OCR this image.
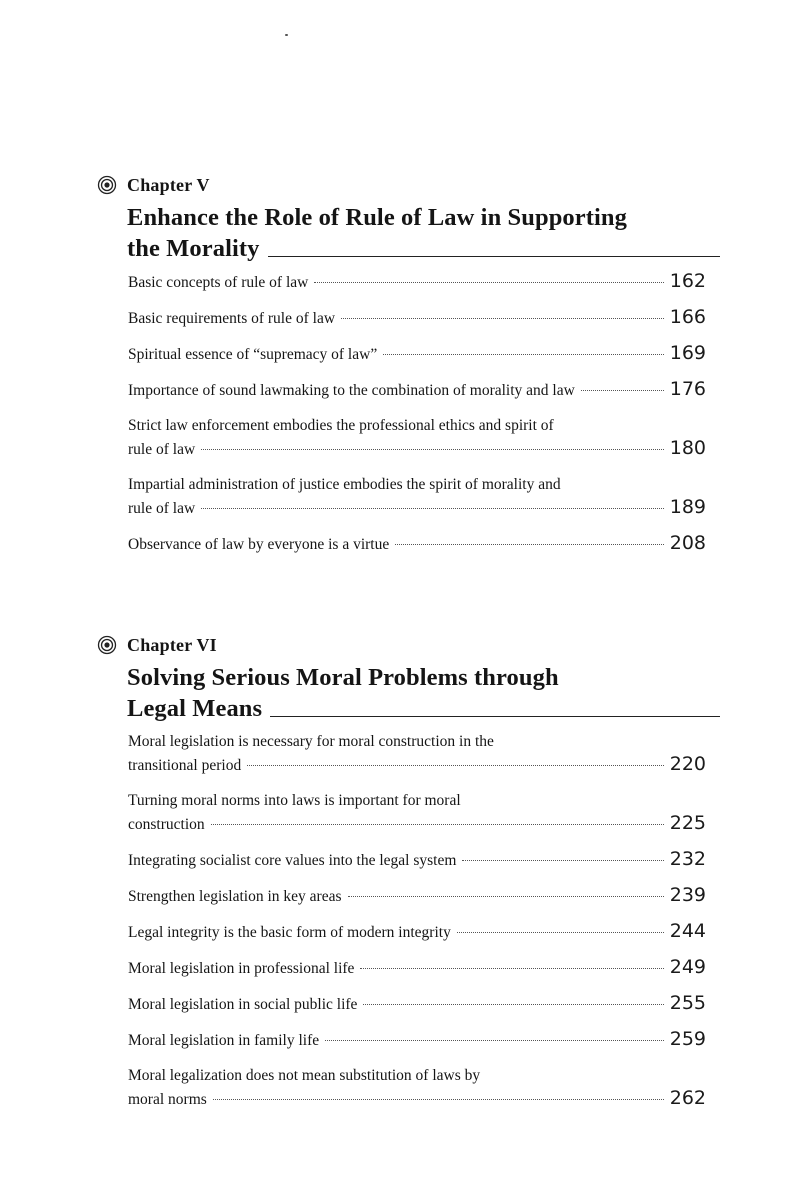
Chapter V
Enhance the Role of Rule of Law in Supporting
the Morality
Basic concepts of rule of law	162
Basic requirements of rule of law	166
Spiritual essence of “supremacy of law”	169
Importance of sound lawmaking to the combination of morality and law	176
Strict law enforcement embodies the professional ethics and spirit of
rule of law	180
Impartial administration of justice embodies the spirit of morality and
rule of law	189
Observance of law by everyone is a virtue	208
Chapter VI
Solving Serious Moral Problems through
Legal Means
Moral legislation is necessary for moral construction in the
transitional period	220
Turning moral norms into laws is important for moral
construction	225
Integrating socialist core values into the legal system	232
Strengthen legislation in key areas	239
Legal integrity is the basic form of modern integrity	244
Moral legislation in professional life	249
Moral legislation in social public life	255
Moral legislation in family life	259
Moral legalization does not mean substitution of laws by
moral norms	262
